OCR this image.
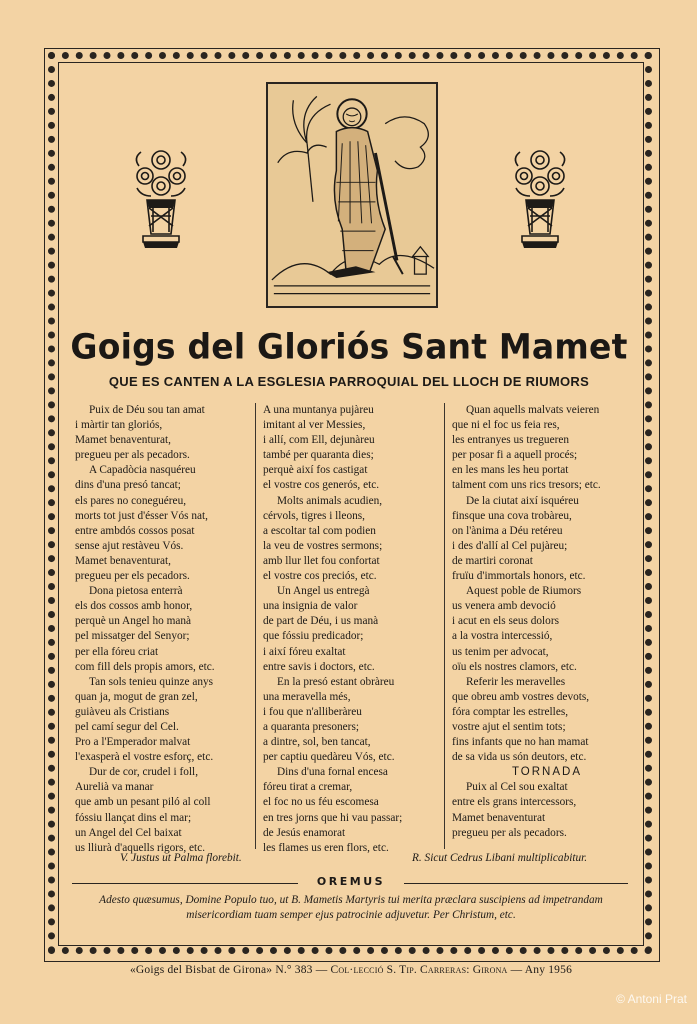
Goigs del Gloriós Sant Mamet
QUE ES CANTEN A LA ESGLESIA PARROQUIAL DEL LLOCH DE RIUMORS
Puix de Déu sou tan amat
i màrtir tan gloriós,
Mamet benaventurat,
pregueu per als pecadors.
A Capadòcia nasquéreu
dins d'una presó tancat;
els pares no coneguéreu,
morts tot just d'ésser Vós nat,
entre ambdós cossos posat
sense ajut restàveu Vós.
Mamet benaventurat,
pregueu per els pecadors.
Dona pietosa enterrà
els dos cossos amb honor,
perquè un Angel ho manà
pel missatger del Senyor;
per ella fóreu criat
com fill dels propis amors, etc.
Tan sols tenieu quinze anys
quan ja, mogut de gran zel,
guiàveu als Cristians
pel camí segur del Cel.
Pro a l'Emperador malvat
l'exasperà el vostre esforç, etc.
Dur de cor, crudel i foll,
Aurelià va manar
que amb un pesant piló al coll
fóssiu llançat dins el mar;
un Angel del Cel baixat
us lliurà d'aquells rigors, etc.
A una muntanya pujàreu
imitant al ver Messies,
i allí, com Ell, dejunàreu
també per quaranta dies;
perquè així fos castigat
el vostre cos generós, etc.
Molts animals acudien,
cérvols, tigres i lleons,
a escoltar tal com podien
la veu de vostres sermons;
amb llur llet fou confortat
el vostre cos preciós, etc.
Un Angel us entregà
una insignia de valor
de part de Déu, i us manà
que fóssiu predicador;
i així fóreu exaltat
entre savis i doctors, etc.
En la presó estant obràreu
una meravella més,
i fou que n'alliberàreu
a quaranta presoners;
a dintre, sol, ben tancat,
per captiu quedàreu Vós, etc.
Dins d'una fornal encesa
fóreu tirat a cremar,
el foc no us féu escomesa
en tres jorns que hi vau passar;
de Jesús enamorat
les flames us eren flors, etc.
Quan aquells malvats veieren
que ni el foc us feia res,
les entranyes us tregueren
per posar fi a aquell procés;
en les mans les heu portat
talment com uns rics tresors; etc.
De la ciutat així isquéreu
finsque una cova trobàreu,
on l'ànima a Déu retéreu
i des d'allí al Cel pujàreu;
de martiri coronat
fruïu d'immortals honors, etc.
Aquest poble de Riumors
us venera amb devoció
i acut en els seus dolors
a la vostra intercessió,
us tenim per advocat,
oïu els nostres clamors, etc.
Referir les meravelles
que obreu amb vostres devots,
fóra comptar les estrelles,
vostre ajut el sentim tots;
fins infants que no han mamat
de sa vida us són deutors, etc.
TORNADA
Puix al Cel sou exaltat
entre els grans intercessors,
Mamet benaventurat
pregueu per als pecadors.
V. Justus ut Palma florebit.	R. Sicut Cedrus Libani multiplicabitur.
OREMUS
Adesto quæsumus, Domine Populo tuo, ut B. Mametis Martyris tui merita præclara suscipiens ad impetrandam misericordiam tuam semper ejus patrocinie adjuvetur. Per Christum, etc.
«Goigs del Bisbat de Girona» N.° 383 — Col·lecció S. Tip. Carreras: Girona — Any 1956
© Antoni Prat
